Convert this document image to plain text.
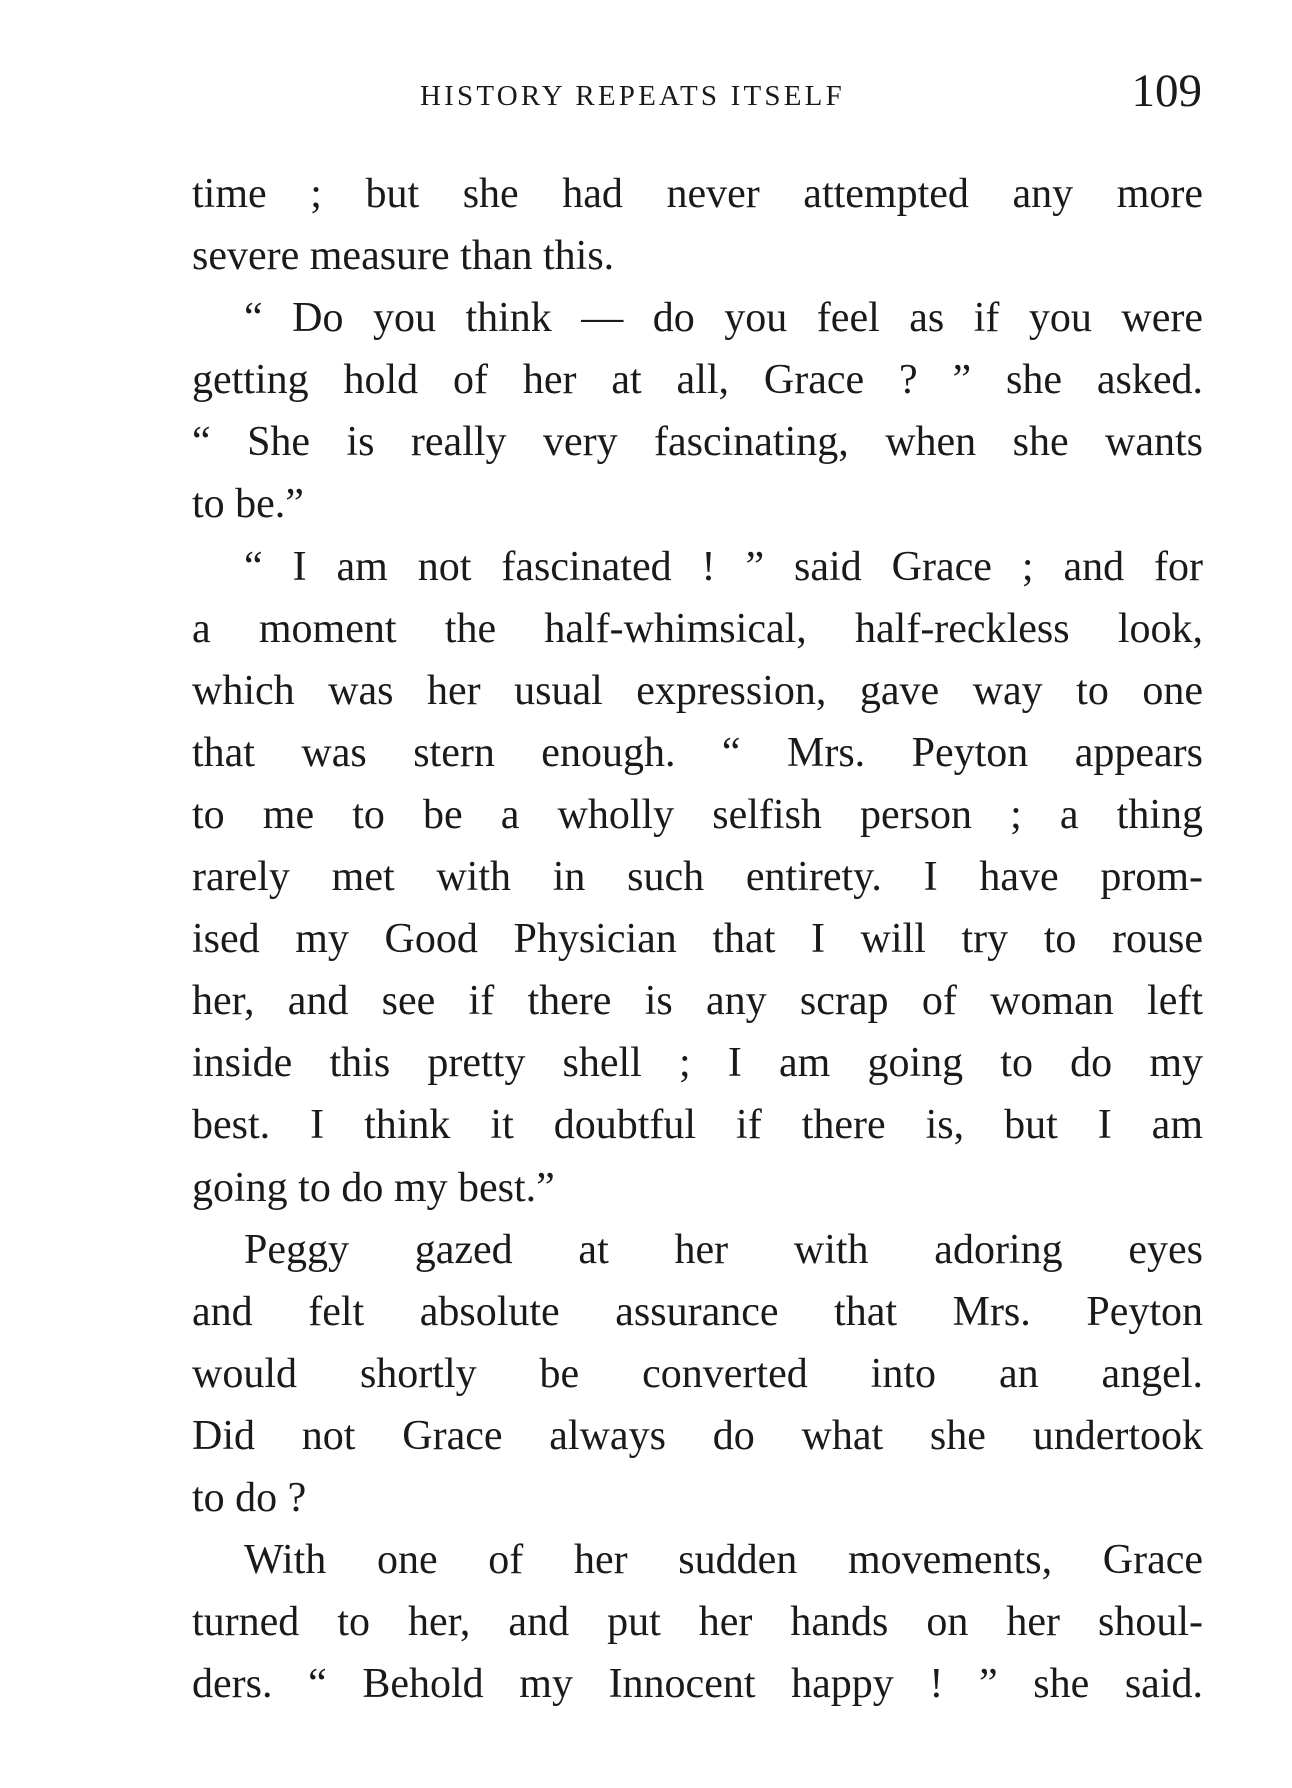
HISTORY REPEATS ITSELF	109
time ; but she had never attempted any more
severe measure than this.
“ Do you think — do you feel as if you were
getting hold of her at all, Grace ? ” she asked.
“ She is really very fascinating, when she wants
to be.”
“ I am not fascinated ! ” said Grace ; and for
a moment the half-whimsical, half-reckless look,
which was her usual expression, gave way to one
that was stern enough. “ Mrs. Peyton appears
to me to be a wholly selfish person ; a thing
rarely met with in such entirety. I have prom-
ised my Good Physician that I will try to rouse
her, and see if there is any scrap of woman left
inside this pretty shell ; I am going to do my
best. I think it doubtful if there is, but I am
going to do my best.”
Peggy gazed at her with adoring eyes
and felt absolute assurance that Mrs. Peyton
would shortly be converted into an angel.
Did not Grace always do what she undertook
to do ?
With one of her sudden movements, Grace
turned to her, and put her hands on her shoul-
ders. “ Behold my Innocent happy ! ” she said.
